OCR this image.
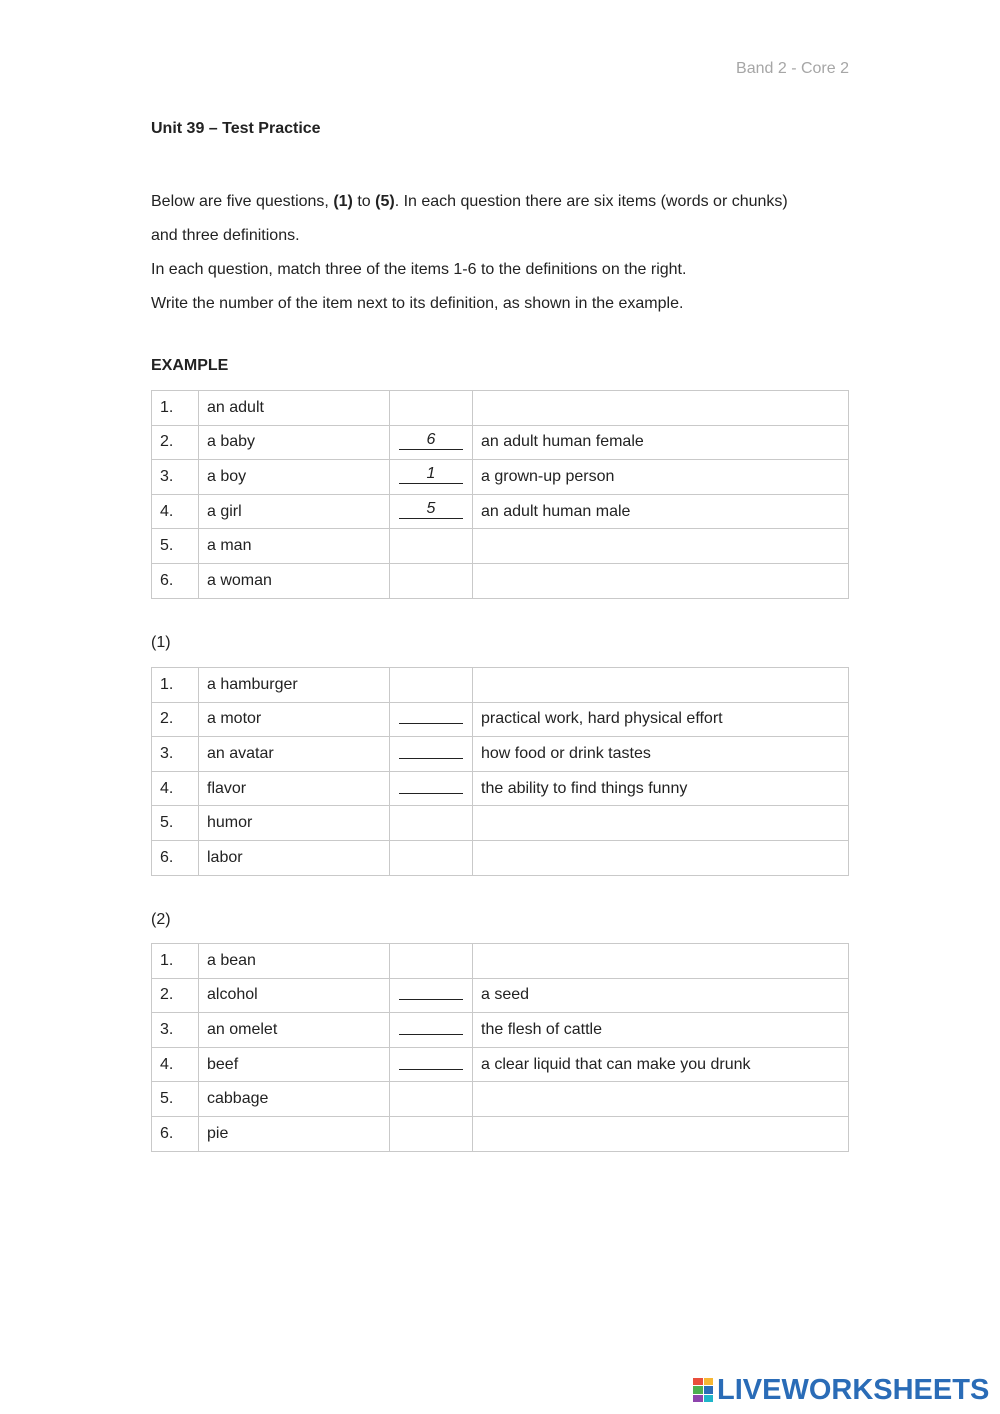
Band 2 - Core 2
Unit 39 – Test Practice

Below are five questions, (1) to (5). In each question there are six items (words or chunks)

and three definitions.

In each question, match three of the items 1-6 to the definitions on the right.

Write the number of the item next to its definition, as shown in the example.

EXAMPLE
1.	an adult		
2.	a baby	6	an adult human female
3.	a boy	1	a grown-up person
4.	a girl	5	an adult human male
5.	a man		
6.	a woman		
(1)
1.	a hamburger		
2.	a motor		practical work, hard physical effort
3.	an avatar		how food or drink tastes
4.	flavor		the ability to find things funny
5.	humor		
6.	labor		
(2)
1.	a bean		
2.	alcohol		a seed
3.	an omelet		the flesh of cattle
4.	beef		a clear liquid that can make you drunk
5.	cabbage		
6.	pie		
LIVEWORKSHEETS
